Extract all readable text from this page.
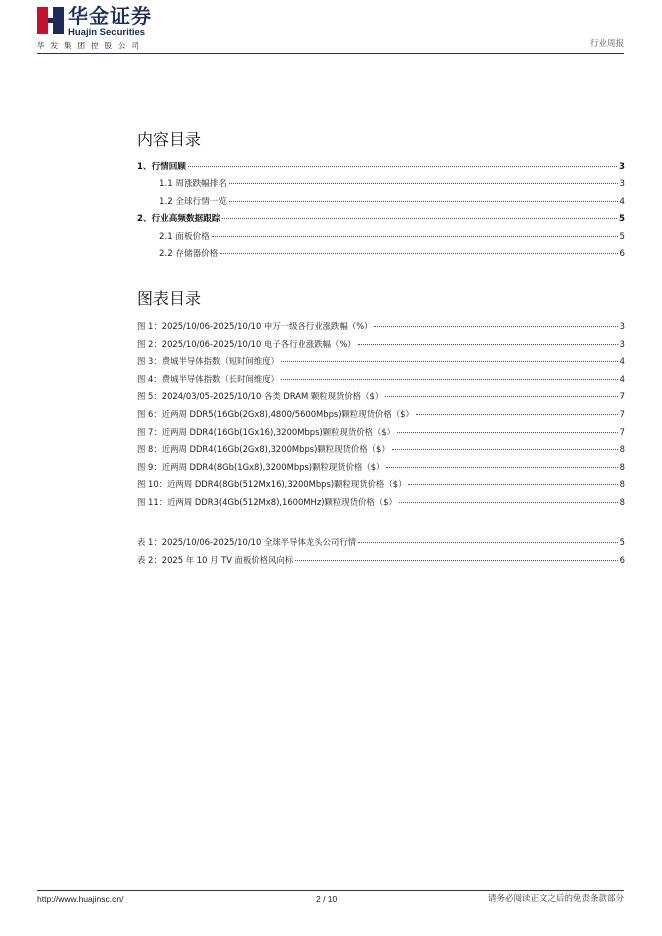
华金证券
Huajin Securities
华发集团控股公司	行业周报
内容目录
1、行情回顾	3
1.1 周涨跌幅排名	3
1.2 全球行情一览	4
2、行业高频数据跟踪	5
2.1 面板价格	5
2.2 存储器价格	6
图表目录
图 1：2025/10/06-2025/10/10 申万一级各行业涨跌幅（%）	3
图 2：2025/10/06-2025/10/10 电子各行业涨跌幅（%）	3
图 3：费城半导体指数（短时间维度）	4
图 4：费城半导体指数（长时间维度）	4
图 5：2024/03/05-2025/10/10 各类 DRAM 颗粒现货价格（$）	7
图 6：近两周 DDR5(16Gb(2Gx8),4800/5600Mbps)颗粒现货价格（$）	7
图 7：近两周 DDR4(16Gb(1Gx16),3200Mbps)颗粒现货价格（$）	7
图 8：近两周 DDR4(16Gb(2Gx8),3200Mbps)颗粒现货价格（$）	8
图 9：近两周 DDR4(8Gb(1Gx8),3200Mbps)颗粒现货价格（$）	8
图 10：近两周 DDR4(8Gb(512Mx16),3200Mbps)颗粒现货价格（$）	8
图 11：近两周 DDR3(4Gb(512Mx8),1600MHz)颗粒现货价格（$）	8
表 1：2025/10/06-2025/10/10 全球半导体龙头公司行情	5
表 2：2025 年 10 月 TV 面板价格风向标	6
http://www.huajinsc.cn/	2 / 10	请务必阅读正文之后的免责条款部分
